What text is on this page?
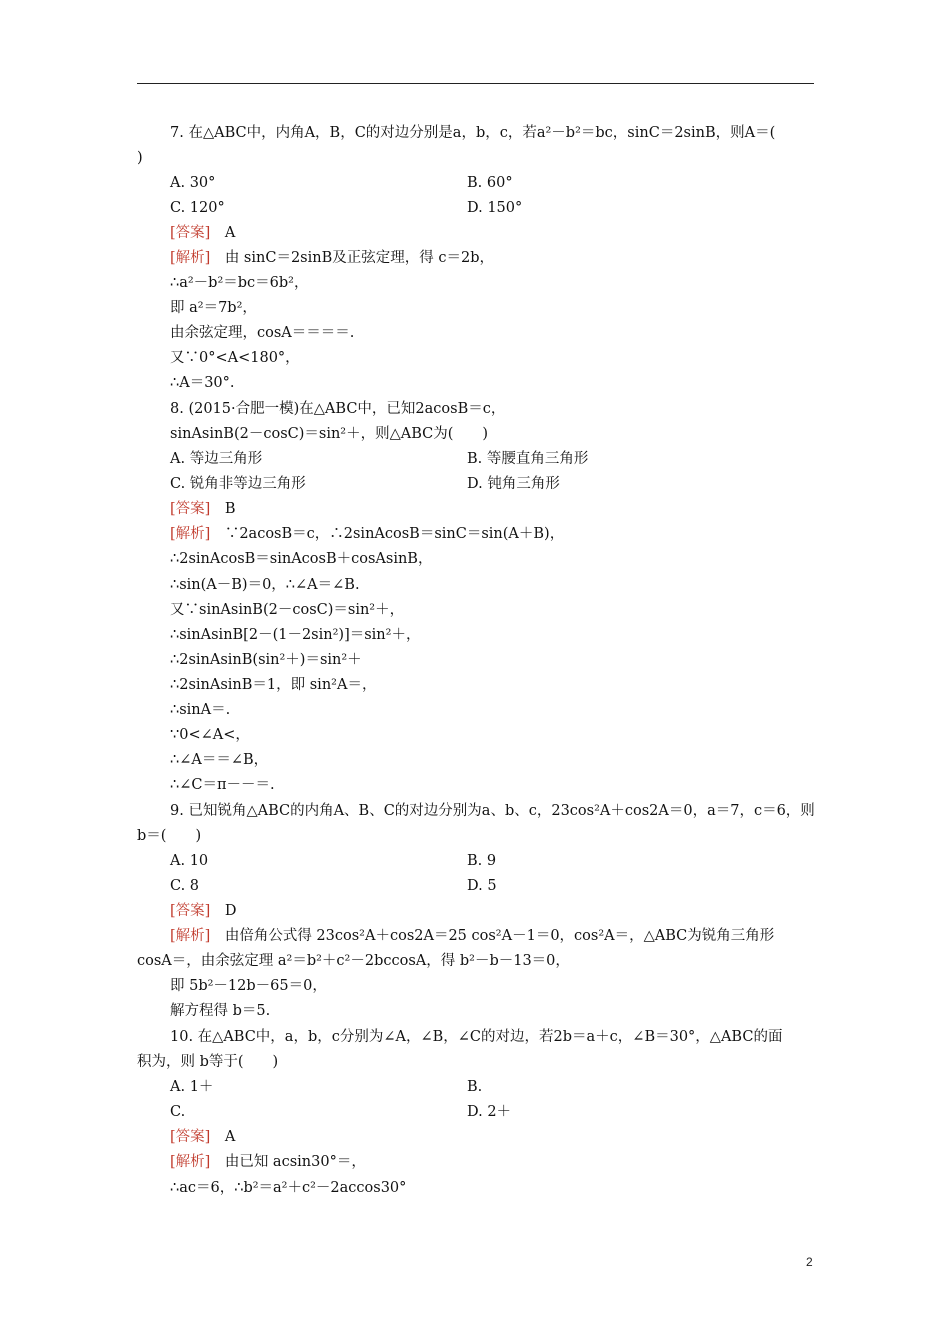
7. 在△ABC中，内角A，B，C的对边分别是a，b，c，若a²－b²＝bc，sinC＝2sinB，则A＝(
)
A. 30°	B. 60°
C. 120°	D. 150°
[答案]　 A
[解析]　 由 sinC＝2sinB及正弦定理，得 c＝2b，
∴a²－b²＝bc＝6b²，
即 a²＝7b²，
由余弦定理，cosA＝＝＝＝.
又∵0°<A<180°，
∴A＝30°.
8. (2015·合肥一模)在△ABC中，已知2acosB＝c，
sinAsinB(2－cosC)＝sin²＋，则△ABC为(　　)
A. 等边三角形	B. 等腰直角三角形
C. 锐角非等边三角形	D. 钝角三角形
[答案]　 B
[解析]　 ∵2acosB＝c，∴2sinAcosB＝sinC＝sin(A＋B)，
∴2sinAcosB＝sinAcosB＋cosAsinB，
∴sin(A－B)＝0，∴∠A＝∠B.
又∵sinAsinB(2－cosC)＝sin²＋，
∴sinAsinB[2－(1－2sin²)]＝sin²＋，
∴2sinAsinB(sin²＋)＝sin²＋
∴2sinAsinB＝1，即 sin²A＝，
∴sinA＝.
∵0<∠A<，
∴∠A＝＝∠B，
∴∠C＝π－－＝.
9. 已知锐角△ABC的内角A、B、C的对边分别为a、b、c，23cos²A＋cos2A＝0，a＝7，c＝6，则
b＝(　　)
A. 10	B. 9
C. 8	D. 5
[答案]　 D
[解析]　 由倍角公式得 23cos²A＋cos2A＝25 cos²A－1＝0，cos²A＝，△ABC为锐角三角形
cosA＝，由余弦定理 a²＝b²＋c²－2bccosA，得 b²－b－13＝0，
即 5b²－12b－65＝0，
解方程得 b＝5.
10. 在△ABC中，a，b，c分别为∠A，∠B，∠C的对边，若2b＝a＋c，∠B＝30°，△ABC的面
积为，则 b等于(　　)
A. 1＋	B.
C.	D. 2＋
[答案]　 A
[解析]　 由已知 acsin30°＝，
∴ac＝6，∴b²＝a²＋c²－2accos30°
2
